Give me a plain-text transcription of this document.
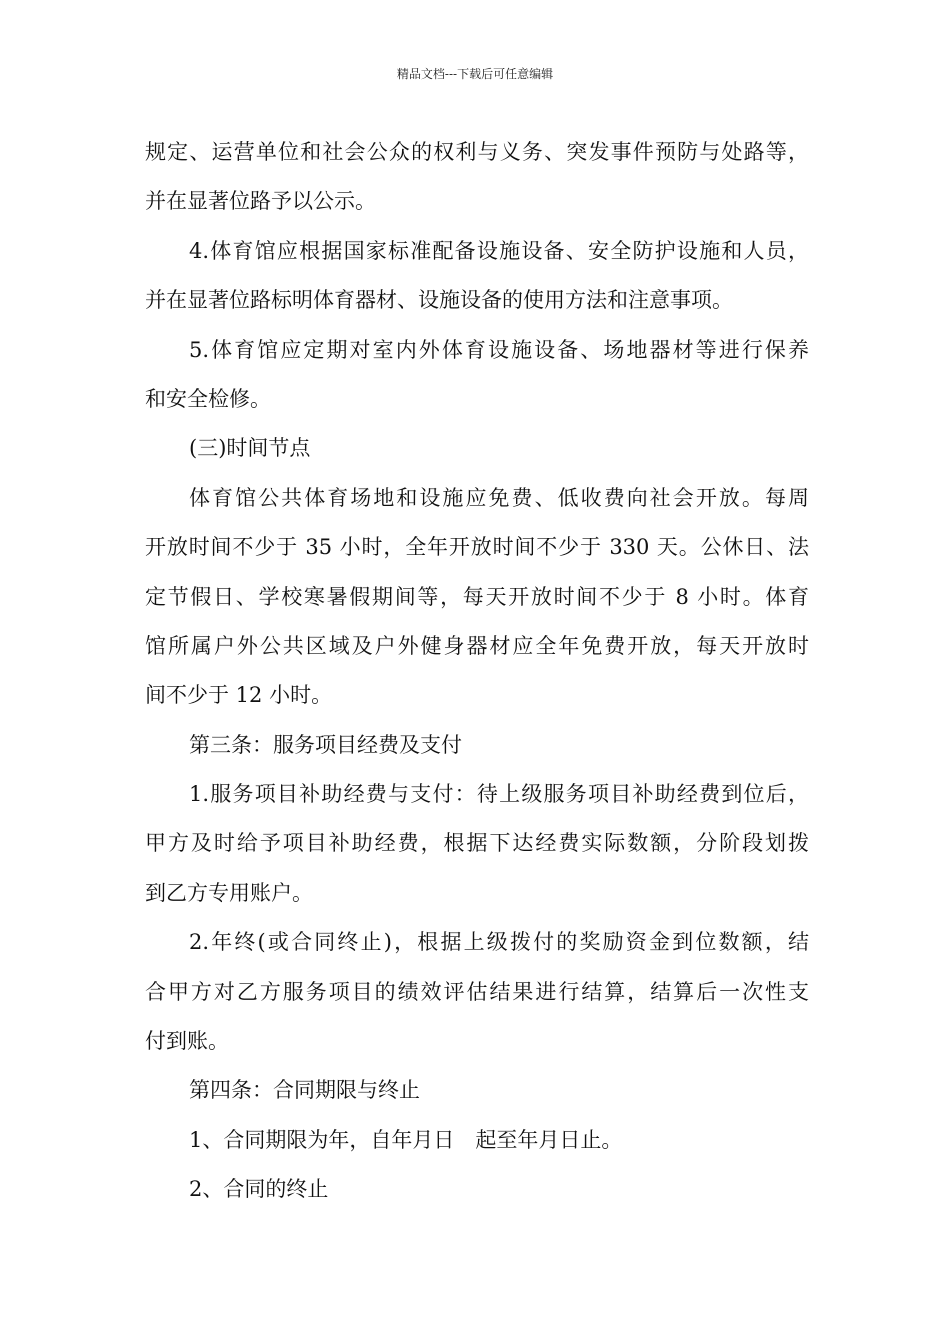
精品文档---下载后可任意编辑
规定、运营单位和社会公众的权利与义务、突发事件预防与处路等，
并在显著位路予以公示。
4.体育馆应根据国家标准配备设施设备、安全防护设施和人员，
并在显著位路标明体育器材、设施设备的使用方法和注意事项。
5.体育馆应定期对室内外体育设施设备、场地器材等进行保养
和安全检修。
(三)时间节点
体育馆公共体育场地和设施应免费、低收费向社会开放。每周
开放时间不少于 35 小时，全年开放时间不少于 330 天。公休日、法
定节假日、学校寒暑假期间等，每天开放时间不少于 8 小时。体育
馆所属户外公共区域及户外健身器材应全年免费开放，每天开放时
间不少于 12 小时。
第三条：服务项目经费及支付
1.服务项目补助经费与支付：待上级服务项目补助经费到位后，
甲方及时给予项目补助经费，根据下达经费实际数额，分阶段划拨
到乙方专用账户。
2.年终(或合同终止)，根据上级拨付的奖励资金到位数额，结
合甲方对乙方服务项目的绩效评估结果进行结算，结算后一次性支
付到账。
第四条：合同期限与终止
1、合同期限为年，自年月日　起至年月日止。
2、合同的终止
